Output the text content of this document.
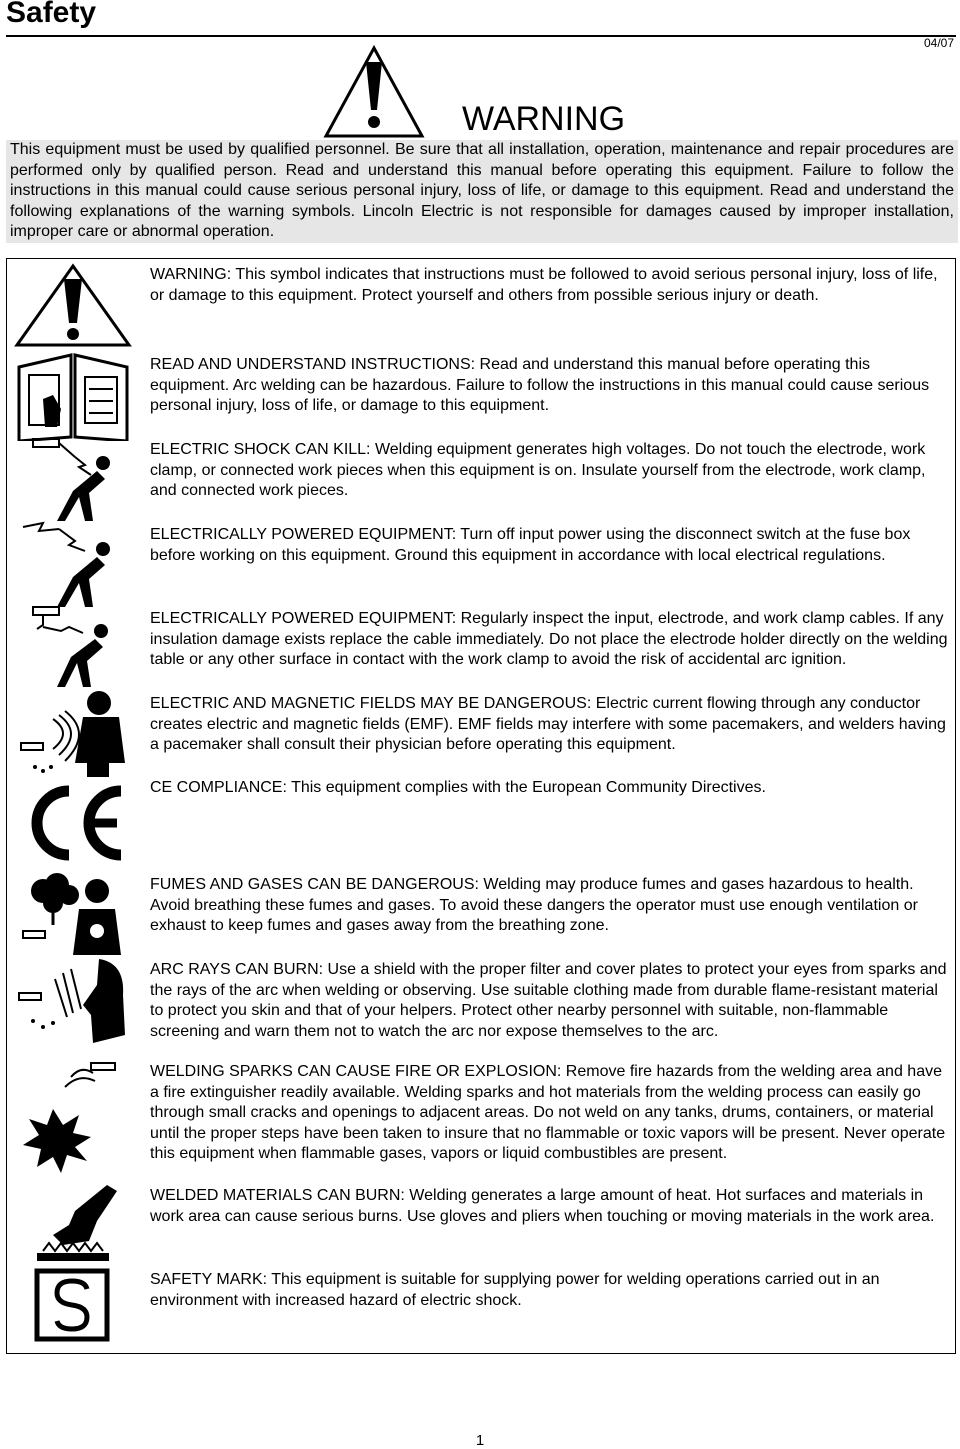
Safety
04/07
WARNING
This equipment must be used by qualified personnel. Be sure that all installation, operation, maintenance and repair procedures are performed only by qualified person. Read and understand this manual before operating this equipment. Failure to follow the instructions in this manual could cause serious personal injury, loss of life, or damage to this equipment. Read and understand the following explanations of the warning symbols. Lincoln Electric is not responsible for damages caused by improper installation, improper care or abnormal operation.
WARNING: This symbol indicates that instructions must be followed to avoid serious personal injury, loss of life, or damage to this equipment. Protect yourself and others from possible serious injury or death.
READ AND UNDERSTAND INSTRUCTIONS: Read and understand this manual before operating this equipment. Arc welding can be hazardous. Failure to follow the instructions in this manual could cause serious personal injury, loss of life, or damage to this equipment.
ELECTRIC SHOCK CAN KILL: Welding equipment generates high voltages. Do not touch the electrode, work clamp, or connected work pieces when this equipment is on. Insulate yourself from the electrode, work clamp, and connected work pieces.
ELECTRICALLY POWERED EQUIPMENT: Turn off input power using the disconnect switch at the fuse box before working on this equipment. Ground this equipment in accordance with local electrical regulations.
ELECTRICALLY POWERED EQUIPMENT: Regularly inspect the input, electrode, and work clamp cables. If any insulation damage exists replace the cable immediately. Do not place the electrode holder directly on the welding table or any other surface in contact with the work clamp to avoid the risk of accidental arc ignition.
ELECTRIC AND MAGNETIC FIELDS MAY BE DANGEROUS: Electric current flowing through any conductor creates electric and magnetic fields (EMF). EMF fields may interfere with some pacemakers, and welders having a pacemaker shall consult their physician before operating this equipment.
CE COMPLIANCE: This equipment complies with the European Community Directives.
FUMES AND GASES CAN BE DANGEROUS: Welding may produce fumes and gases hazardous to health. Avoid breathing these fumes and gases. To avoid these dangers the operator must use enough ventilation or exhaust to keep fumes and gases away from the breathing zone.
ARC RAYS CAN BURN: Use a shield with the proper filter and cover plates to protect your eyes from sparks and the rays of the arc when welding or observing. Use suitable clothing made from durable flame-resistant material to protect you skin and that of your helpers. Protect other nearby personnel with suitable, non-flammable screening and warn them not to watch the arc nor expose themselves to the arc.
WELDING SPARKS CAN CAUSE FIRE OR EXPLOSION: Remove fire hazards from the welding area and have a fire extinguisher readily available. Welding sparks and hot materials from the welding process can easily go through small cracks and openings to adjacent areas. Do not weld on any tanks, drums, containers, or material until the proper steps have been taken to insure that no flammable or toxic vapors will be present. Never operate this equipment when flammable gases, vapors or liquid combustibles are present.
WELDED MATERIALS CAN BURN: Welding generates a large amount of heat. Hot surfaces and materials in work area can cause serious burns. Use gloves and pliers when touching or moving materials in the work area.
SAFETY MARK: This equipment is suitable for supplying power for welding operations carried out in an environment with increased hazard of electric shock.
1
